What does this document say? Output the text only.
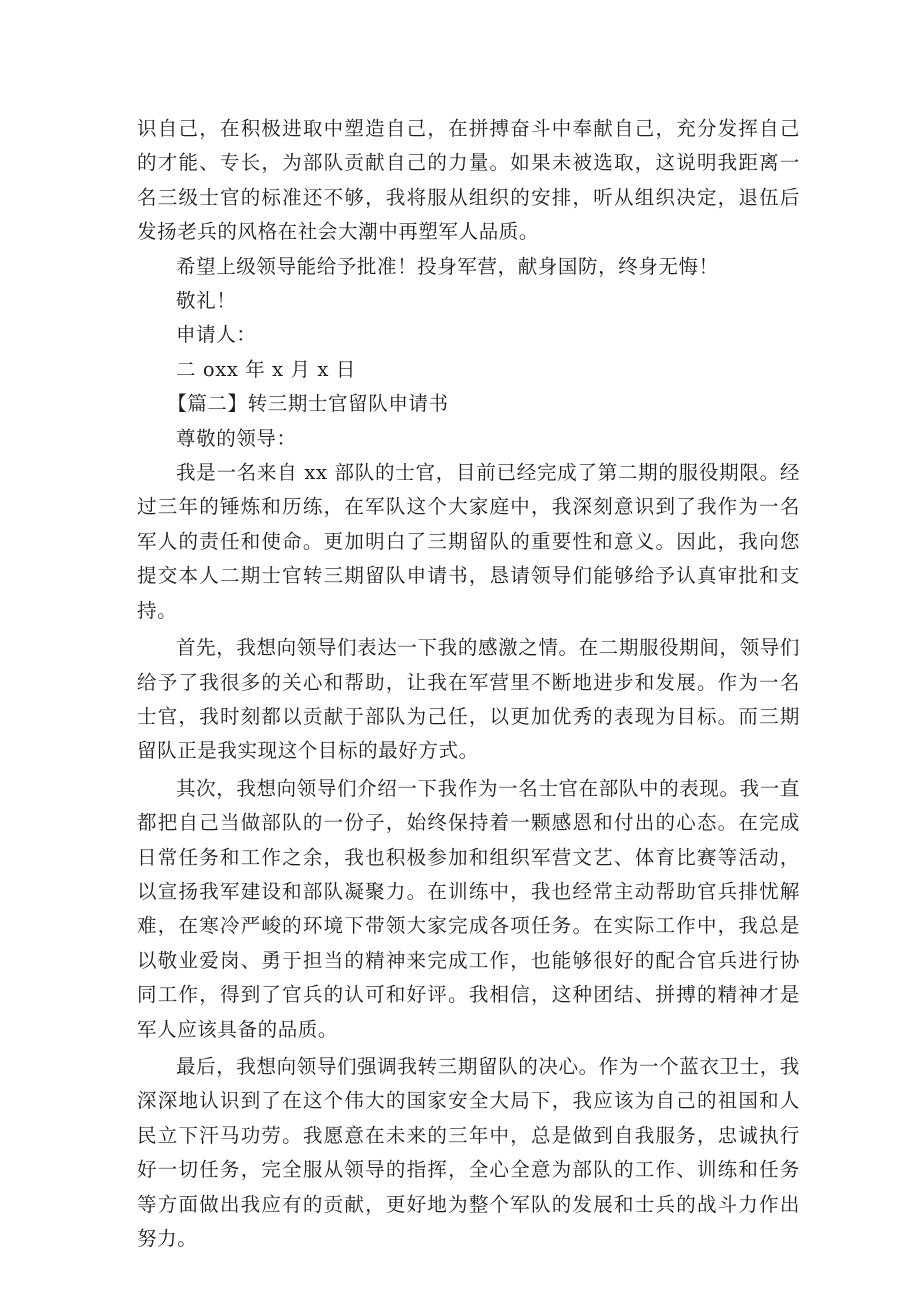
识自己，在积极进取中塑造自己，在拼搏奋斗中奉献自己，充分发挥自己的才能、专长，为部队贡献自己的力量。如果未被选取，这说明我距离一名三级士官的标准还不够，我将服从组织的安排，听从组织决定，退伍后发扬老兵的风格在社会大潮中再塑军人品质。

希望上级领导能给予批准！投身军营，献身国防，终身无悔！

敬礼！

申请人：

二 oxx 年 x 月 x 日

【篇二】转三期士官留队申请书

尊敬的领导：

我是一名来自 xx 部队的士官，目前已经完成了第二期的服役期限。经过三年的锤炼和历练，在军队这个大家庭中，我深刻意识到了我作为一名军人的责任和使命。更加明白了三期留队的重要性和意义。因此，我向您提交本人二期士官转三期留队申请书，恳请领导们能够给予认真审批和支持。

首先，我想向领导们表达一下我的感激之情。在二期服役期间，领导们给予了我很多的关心和帮助，让我在军营里不断地进步和发展。作为一名士官，我时刻都以贡献于部队为己任，以更加优秀的表现为目标。而三期留队正是我实现这个目标的最好方式。

其次，我想向领导们介绍一下我作为一名士官在部队中的表现。我一直都把自己当做部队的一份子，始终保持着一颗感恩和付出的心态。在完成日常任务和工作之余，我也积极参加和组织军营文艺、体育比赛等活动，以宣扬我军建设和部队凝聚力。在训练中，我也经常主动帮助官兵排忧解难，在寒冷严峻的环境下带领大家完成各项任务。在实际工作中，我总是以敬业爱岗、勇于担当的精神来完成工作，也能够很好的配合官兵进行协同工作，得到了官兵的认可和好评。我相信，这种团结、拼搏的精神才是军人应该具备的品质。

最后，我想向领导们强调我转三期留队的决心。作为一个蓝衣卫士，我深深地认识到了在这个伟大的国家安全大局下，我应该为自己的祖国和人民立下汗马功劳。我愿意在未来的三年中，总是做到自我服务，忠诚执行好一切任务，完全服从领导的指挥，全心全意为部队的工作、训练和任务等方面做出我应有的贡献，更好地为整个军队的发展和士兵的战斗力作出努力。
